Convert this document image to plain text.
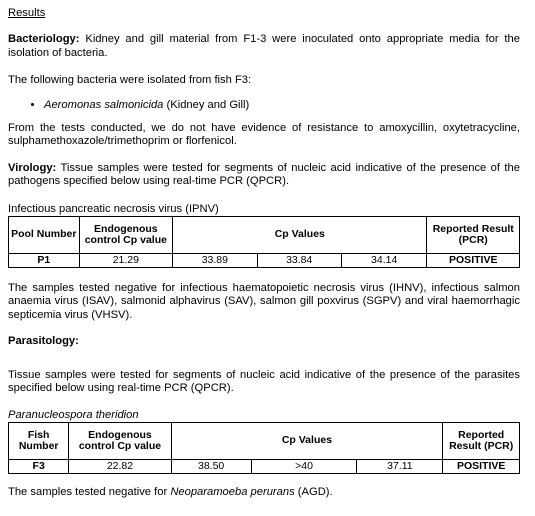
Results

Bacteriology: Kidney and gill material from F1-3 were inoculated onto appropriate media for the isolation of bacteria.

The following bacteria were isolated from fish F3:

• Aeromonas salmonicida (Kidney and Gill)

From the tests conducted, we do not have evidence of resistance to amoxycillin, oxytetracycline, sulphamethoxazole/trimethoprim or florfenicol.

Virology: Tissue samples were tested for segments of nucleic acid indicative of the presence of the pathogens specified below using real-time PCR (QPCR).

Infectious pancreatic necrosis virus (IPNV)

Pool Number	Endogenous control Cp value	Cp Values			Reported Result (PCR)
P1	21.29	33.89	33.84	34.14	POSITIVE

The samples tested negative for infectious haematopoietic necrosis virus (IHNV), infectious salmon anaemia virus (ISAV), salmonid alphavirus (SAV), salmon gill poxvirus (SGPV) and viral haemorrhagic septicemia virus (VHSV).

Parasitology:

Tissue samples were tested for segments of nucleic acid indicative of the presence of the parasites specified below using real-time PCR (QPCR).

Paranucleospora theridion

Fish Number	Endogenous control Cp value	Cp Values			Reported Result (PCR)
F3	22.82	38.50	>40	37.11	POSITIVE

The samples tested negative for Neoparamoeba perurans (AGD).
